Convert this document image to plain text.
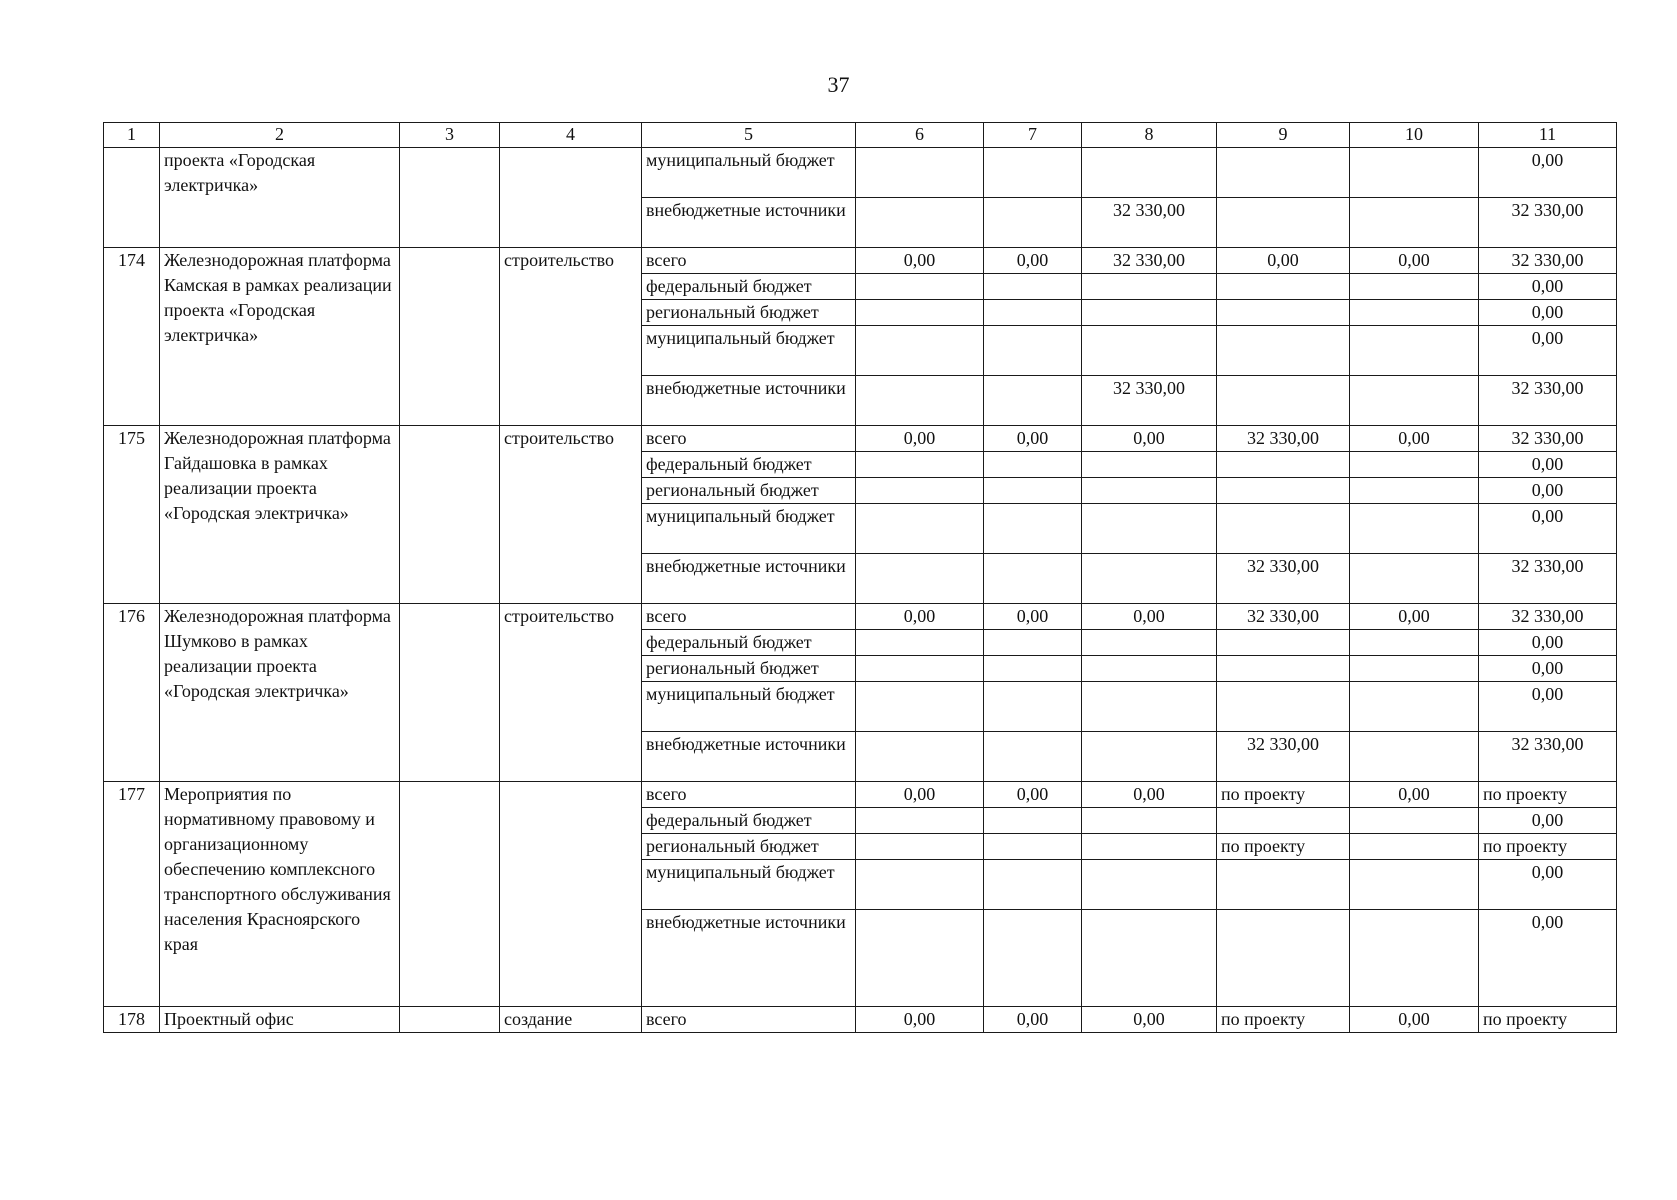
37
1	2	3	4	5	6	7	8	9	10	11
	проекта «Городская электричка»			муниципальный бюджет						0,00
				внебюджетные источники			32 330,00			32 330,00
174	Железнодорожная платформа Камская в рамках реализации проекта «Городская электричка»		строительство	всего	0,00	0,00	32 330,00	0,00	0,00	32 330,00
				федеральный бюджет						0,00
				региональный бюджет						0,00
				муниципальный бюджет						0,00
				внебюджетные источники			32 330,00			32 330,00
175	Железнодорожная платформа Гайдашовка в рамках реализации проекта «Городская электричка»		строительство	всего	0,00	0,00	0,00	32 330,00	0,00	32 330,00
				федеральный бюджет						0,00
				региональный бюджет						0,00
				муниципальный бюджет						0,00
				внебюджетные источники				32 330,00		32 330,00
176	Железнодорожная платформа Шумково в рамках реализации проекта «Городская электричка»		строительство	всего	0,00	0,00	0,00	32 330,00	0,00	32 330,00
				федеральный бюджет						0,00
				региональный бюджет						0,00
				муниципальный бюджет						0,00
				внебюджетные источники				32 330,00		32 330,00
177	Мероприятия по нормативному правовому и организационному обеспечению комплексного транспортного обслуживания населения Красноярского края			всего	0,00	0,00	0,00	по проекту	0,00	по проекту
				федеральный бюджет						0,00
				региональный бюджет				по проекту		по проекту
				муниципальный бюджет						0,00
				внебюджетные источники						0,00
178	Проектный офис		создание	всего	0,00	0,00	0,00	по проекту	0,00	по проекту
